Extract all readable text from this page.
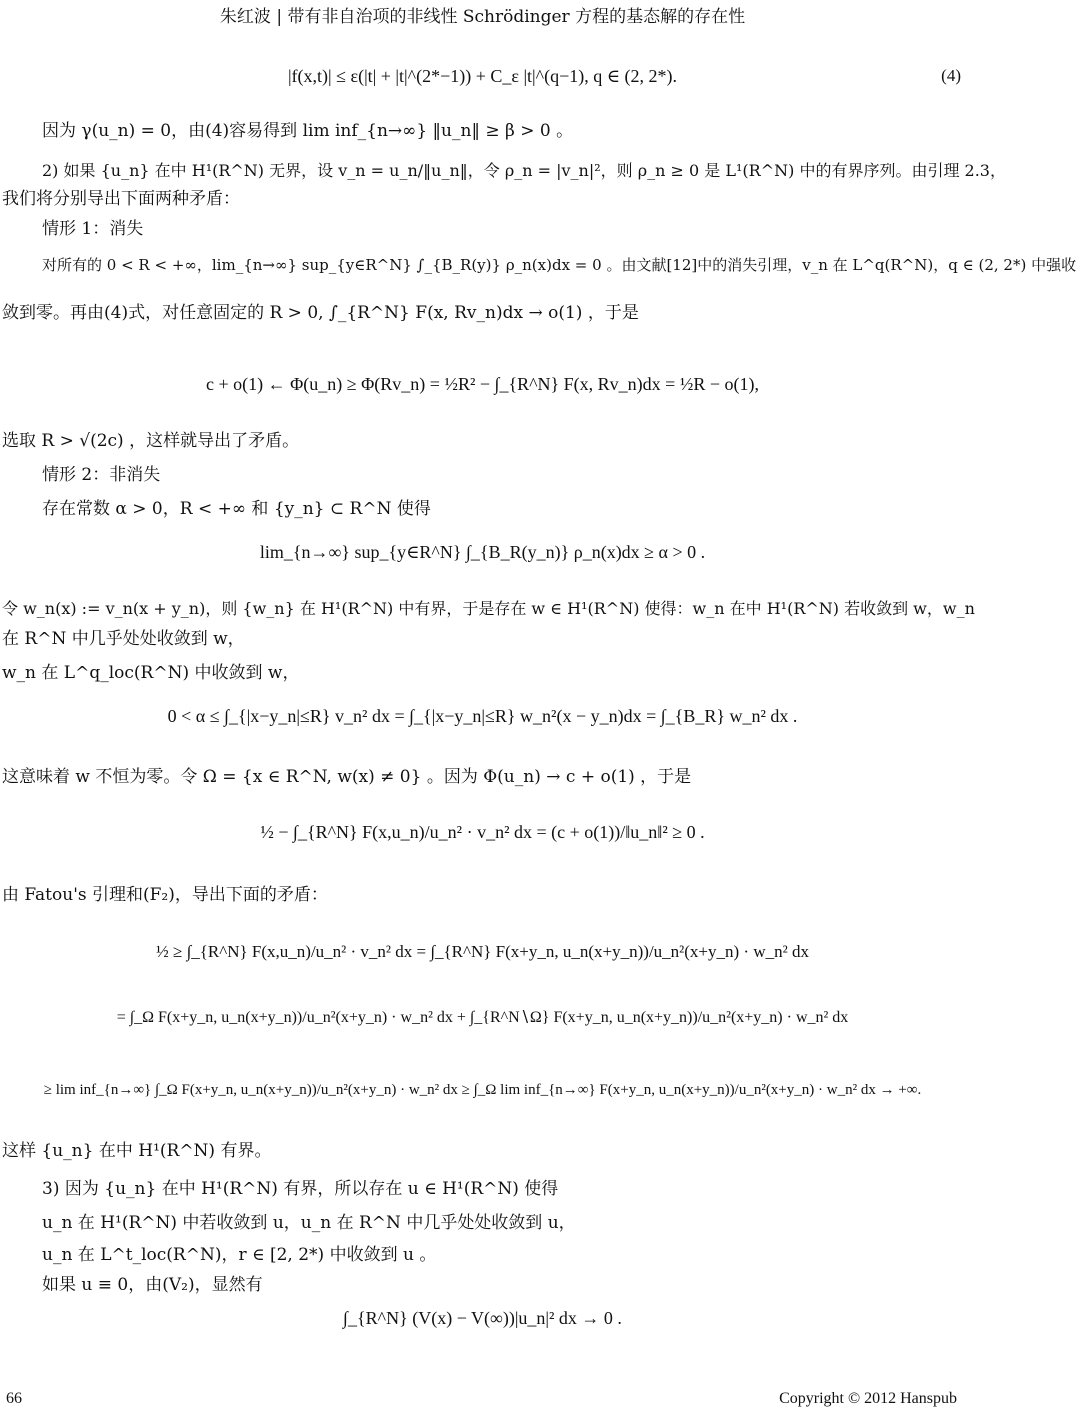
朱红波 | 带有非自治项的非线性 Schrödinger 方程的基态解的存在性
|f(x,t)| ≤ ε(|t| + |t|^(2*−1)) + C_ε |t|^(q−1), q ∈ (2, 2*).	(4)
因为 γ(u_n) = 0，由(4)容易得到 lim inf_{n→∞} ‖u_n‖ ≥ β > 0 。
2) 如果 {u_n} 在中 H¹(R^N) 无界，设 v_n = u_n/‖u_n‖，令 ρ_n = |v_n|²，则 ρ_n ≥ 0 是 L¹(R^N) 中的有界序列。由引理 2.3，
我们将分别导出下面两种矛盾：
情形 1：消失
对所有的 0 < R < +∞，lim_{n→∞} sup_{y∈R^N} ∫_{B_R(y)} ρ_n(x)dx = 0 。由文献[12]中的消失引理，v_n 在 L^q(R^N)，q ∈ (2, 2*) 中强收
敛到零。再由(4)式，对任意固定的 R > 0, ∫_{R^N} F(x, Rv_n)dx → o(1) ，于是
c + o(1) ← Φ(u_n) ≥ Φ(Rv_n) = ½R² − ∫_{R^N} F(x, Rv_n)dx = ½R − o(1),
选取 R > √(2c) ，这样就导出了矛盾。
情形 2：非消失
存在常数 α > 0，R < +∞ 和 {y_n} ⊂ R^N 使得
lim_{n→∞} sup_{y∈R^N} ∫_{B_R(y_n)} ρ_n(x)dx ≥ α > 0 .
令 w_n(x) := v_n(x + y_n)，则 {w_n} 在 H¹(R^N) 中有界，于是存在 w ∈ H¹(R^N) 使得：w_n 在中 H¹(R^N) 若收敛到 w，w_n
在 R^N 中几乎处处收敛到 w，
w_n 在 L^q_loc(R^N) 中收敛到 w，
0 < α ≤ ∫_{|x−y_n|≤R} v_n² dx = ∫_{|x−y_n|≤R} w_n²(x − y_n)dx = ∫_{B_R} w_n² dx .
这意味着 w 不恒为零。令 Ω = {x ∈ R^N, w(x) ≠ 0} 。因为 Φ(u_n) → c + o(1) ，于是
½ − ∫_{R^N} F(x,u_n)/u_n² · v_n² dx = (c + o(1))/‖u_n‖² ≥ 0 .
由 Fatou's 引理和(F₂)，导出下面的矛盾：
½ ≥ ∫_{R^N} F(x,u_n)/u_n² · v_n² dx = ∫_{R^N} F(x+y_n, u_n(x+y_n))/u_n²(x+y_n) · w_n² dx
= ∫_Ω F(x+y_n, u_n(x+y_n))/u_n²(x+y_n) · w_n² dx + ∫_{R^N∖Ω} F(x+y_n, u_n(x+y_n))/u_n²(x+y_n) · w_n² dx
≥ lim inf_{n→∞} ∫_Ω F(x+y_n, u_n(x+y_n))/u_n²(x+y_n) · w_n² dx ≥ ∫_Ω lim inf_{n→∞} F(x+y_n, u_n(x+y_n))/u_n²(x+y_n) · w_n² dx → +∞.
这样 {u_n} 在中 H¹(R^N) 有界。
3) 因为 {u_n} 在中 H¹(R^N) 有界，所以存在 u ∈ H¹(R^N) 使得
u_n 在 H¹(R^N) 中若收敛到 u，u_n 在 R^N 中几乎处处收敛到 u，
u_n 在 L^t_loc(R^N)，r ∈ [2, 2*) 中收敛到 u 。
如果 u ≡ 0，由(V₂)，显然有
∫_{R^N} (V(x) − V(∞))|u_n|² dx → 0 .
66	Copyright © 2012 Hanspub
